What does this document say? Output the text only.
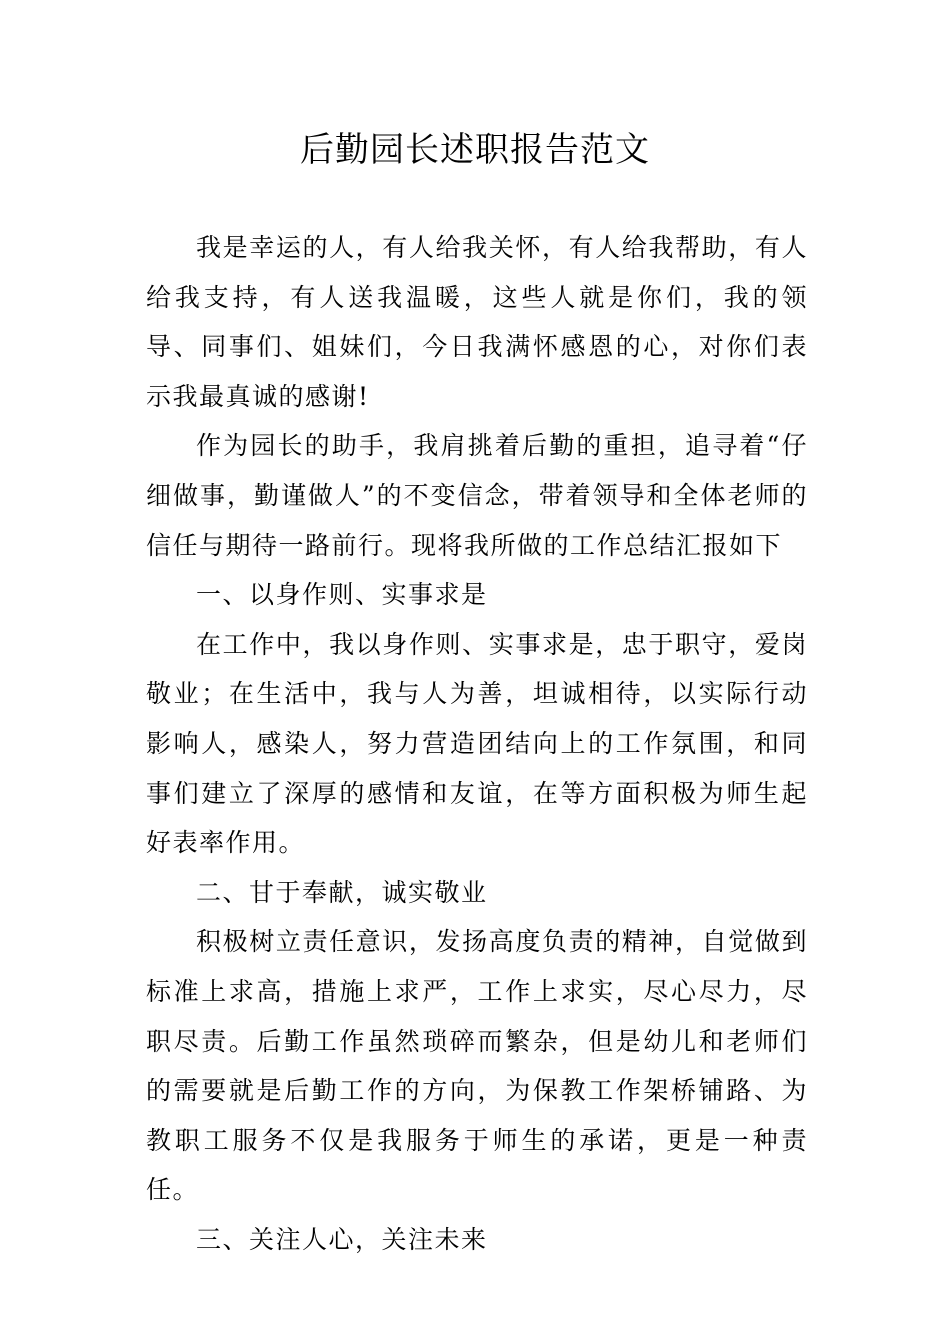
后勤园长述职报告范文

我是幸运的人，有人给我关怀，有人给我帮助，有人给我支持，有人送我温暖，这些人就是你们，我的领导、同事们、姐妹们，今日我满怀感恩的心，对你们表示我最真诚的感谢!

作为园长的助手，我肩挑着后勤的重担，追寻着“仔细做事，勤谨做人”的不变信念，带着领导和全体老师的信任与期待一路前行。现将我所做的工作总结汇报如下

一、以身作则、实事求是

在工作中，我以身作则、实事求是，忠于职守，爱岗敬业；在生活中，我与人为善，坦诚相待，以实际行动影响人，感染人，努力营造团结向上的工作氛围，和同事们建立了深厚的感情和友谊，在等方面积极为师生起好表率作用。

二、甘于奉献，诚实敬业

积极树立责任意识，发扬高度负责的精神，自觉做到标准上求高，措施上求严，工作上求实，尽心尽力，尽职尽责。后勤工作虽然琐碎而繁杂，但是幼儿和老师们的需要就是后勤工作的方向，为保教工作架桥铺路、为教职工服务不仅是我服务于师生的承诺，更是一种责任。

三、关注人心，关注未来
